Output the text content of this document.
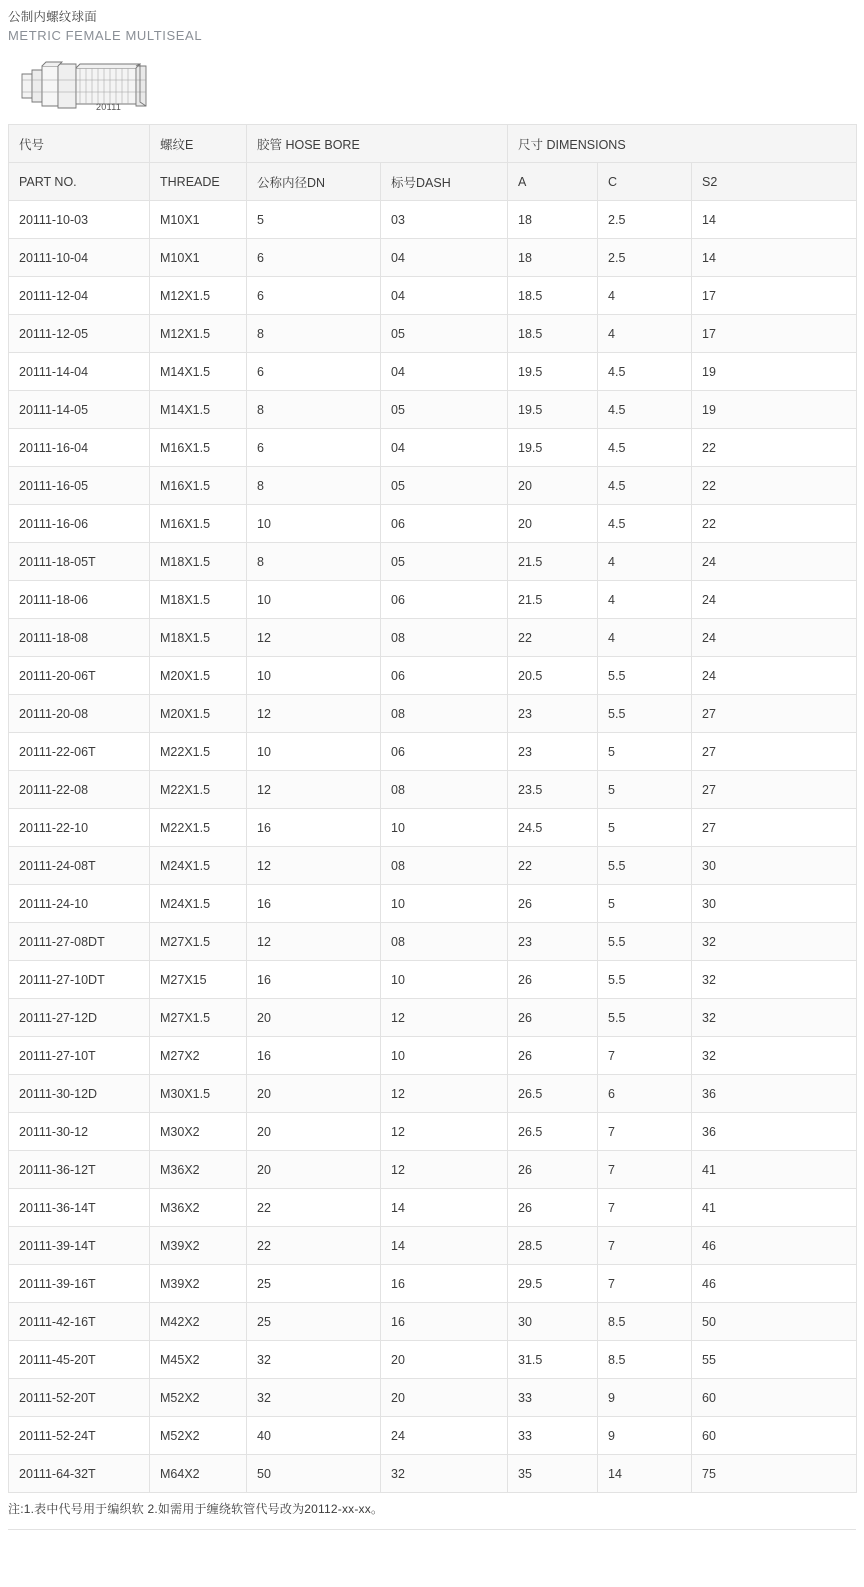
公制内螺纹球面
METRIC FEMALE MULTISEAL
20111
代号	螺纹E	胶管 HOSE BORE		尺寸 DIMENSIONS		
PART NO.	THREADE	公称内径DN	标号DASH	A	C	S2
20111-10-03	M10X1	5	03	18	2.5	14
20111-10-04	M10X1	6	04	18	2.5	14
20111-12-04	M12X1.5	6	04	18.5	4	17
20111-12-05	M12X1.5	8	05	18.5	4	17
20111-14-04	M14X1.5	6	04	19.5	4.5	19
20111-14-05	M14X1.5	8	05	19.5	4.5	19
20111-16-04	M16X1.5	6	04	19.5	4.5	22
20111-16-05	M16X1.5	8	05	20	4.5	22
20111-16-06	M16X1.5	10	06	20	4.5	22
20111-18-05T	M18X1.5	8	05	21.5	4	24
20111-18-06	M18X1.5	10	06	21.5	4	24
20111-18-08	M18X1.5	12	08	22	4	24
20111-20-06T	M20X1.5	10	06	20.5	5.5	24
20111-20-08	M20X1.5	12	08	23	5.5	27
20111-22-06T	M22X1.5	10	06	23	5	27
20111-22-08	M22X1.5	12	08	23.5	5	27
20111-22-10	M22X1.5	16	10	24.5	5	27
20111-24-08T	M24X1.5	12	08	22	5.5	30
20111-24-10	M24X1.5	16	10	26	5	30
20111-27-08DT	M27X1.5	12	08	23	5.5	32
20111-27-10DT	M27X15	16	10	26	5.5	32
20111-27-12D	M27X1.5	20	12	26	5.5	32
20111-27-10T	M27X2	16	10	26	7	32
20111-30-12D	M30X1.5	20	12	26.5	6	36
20111-30-12	M30X2	20	12	26.5	7	36
20111-36-12T	M36X2	20	12	26	7	41
20111-36-14T	M36X2	22	14	26	7	41
20111-39-14T	M39X2	22	14	28.5	7	46
20111-39-16T	M39X2	25	16	29.5	7	46
20111-42-16T	M42X2	25	16	30	8.5	50
20111-45-20T	M45X2	32	20	31.5	8.5	55
20111-52-20T	M52X2	32	20	33	9	60
20111-52-24T	M52X2	40	24	33	9	60
20111-64-32T	M64X2	50	32	35	14	75
注:1.表中代号用于编织软 2.如需用于缠绕软管代号改为20112-xx-xx。
